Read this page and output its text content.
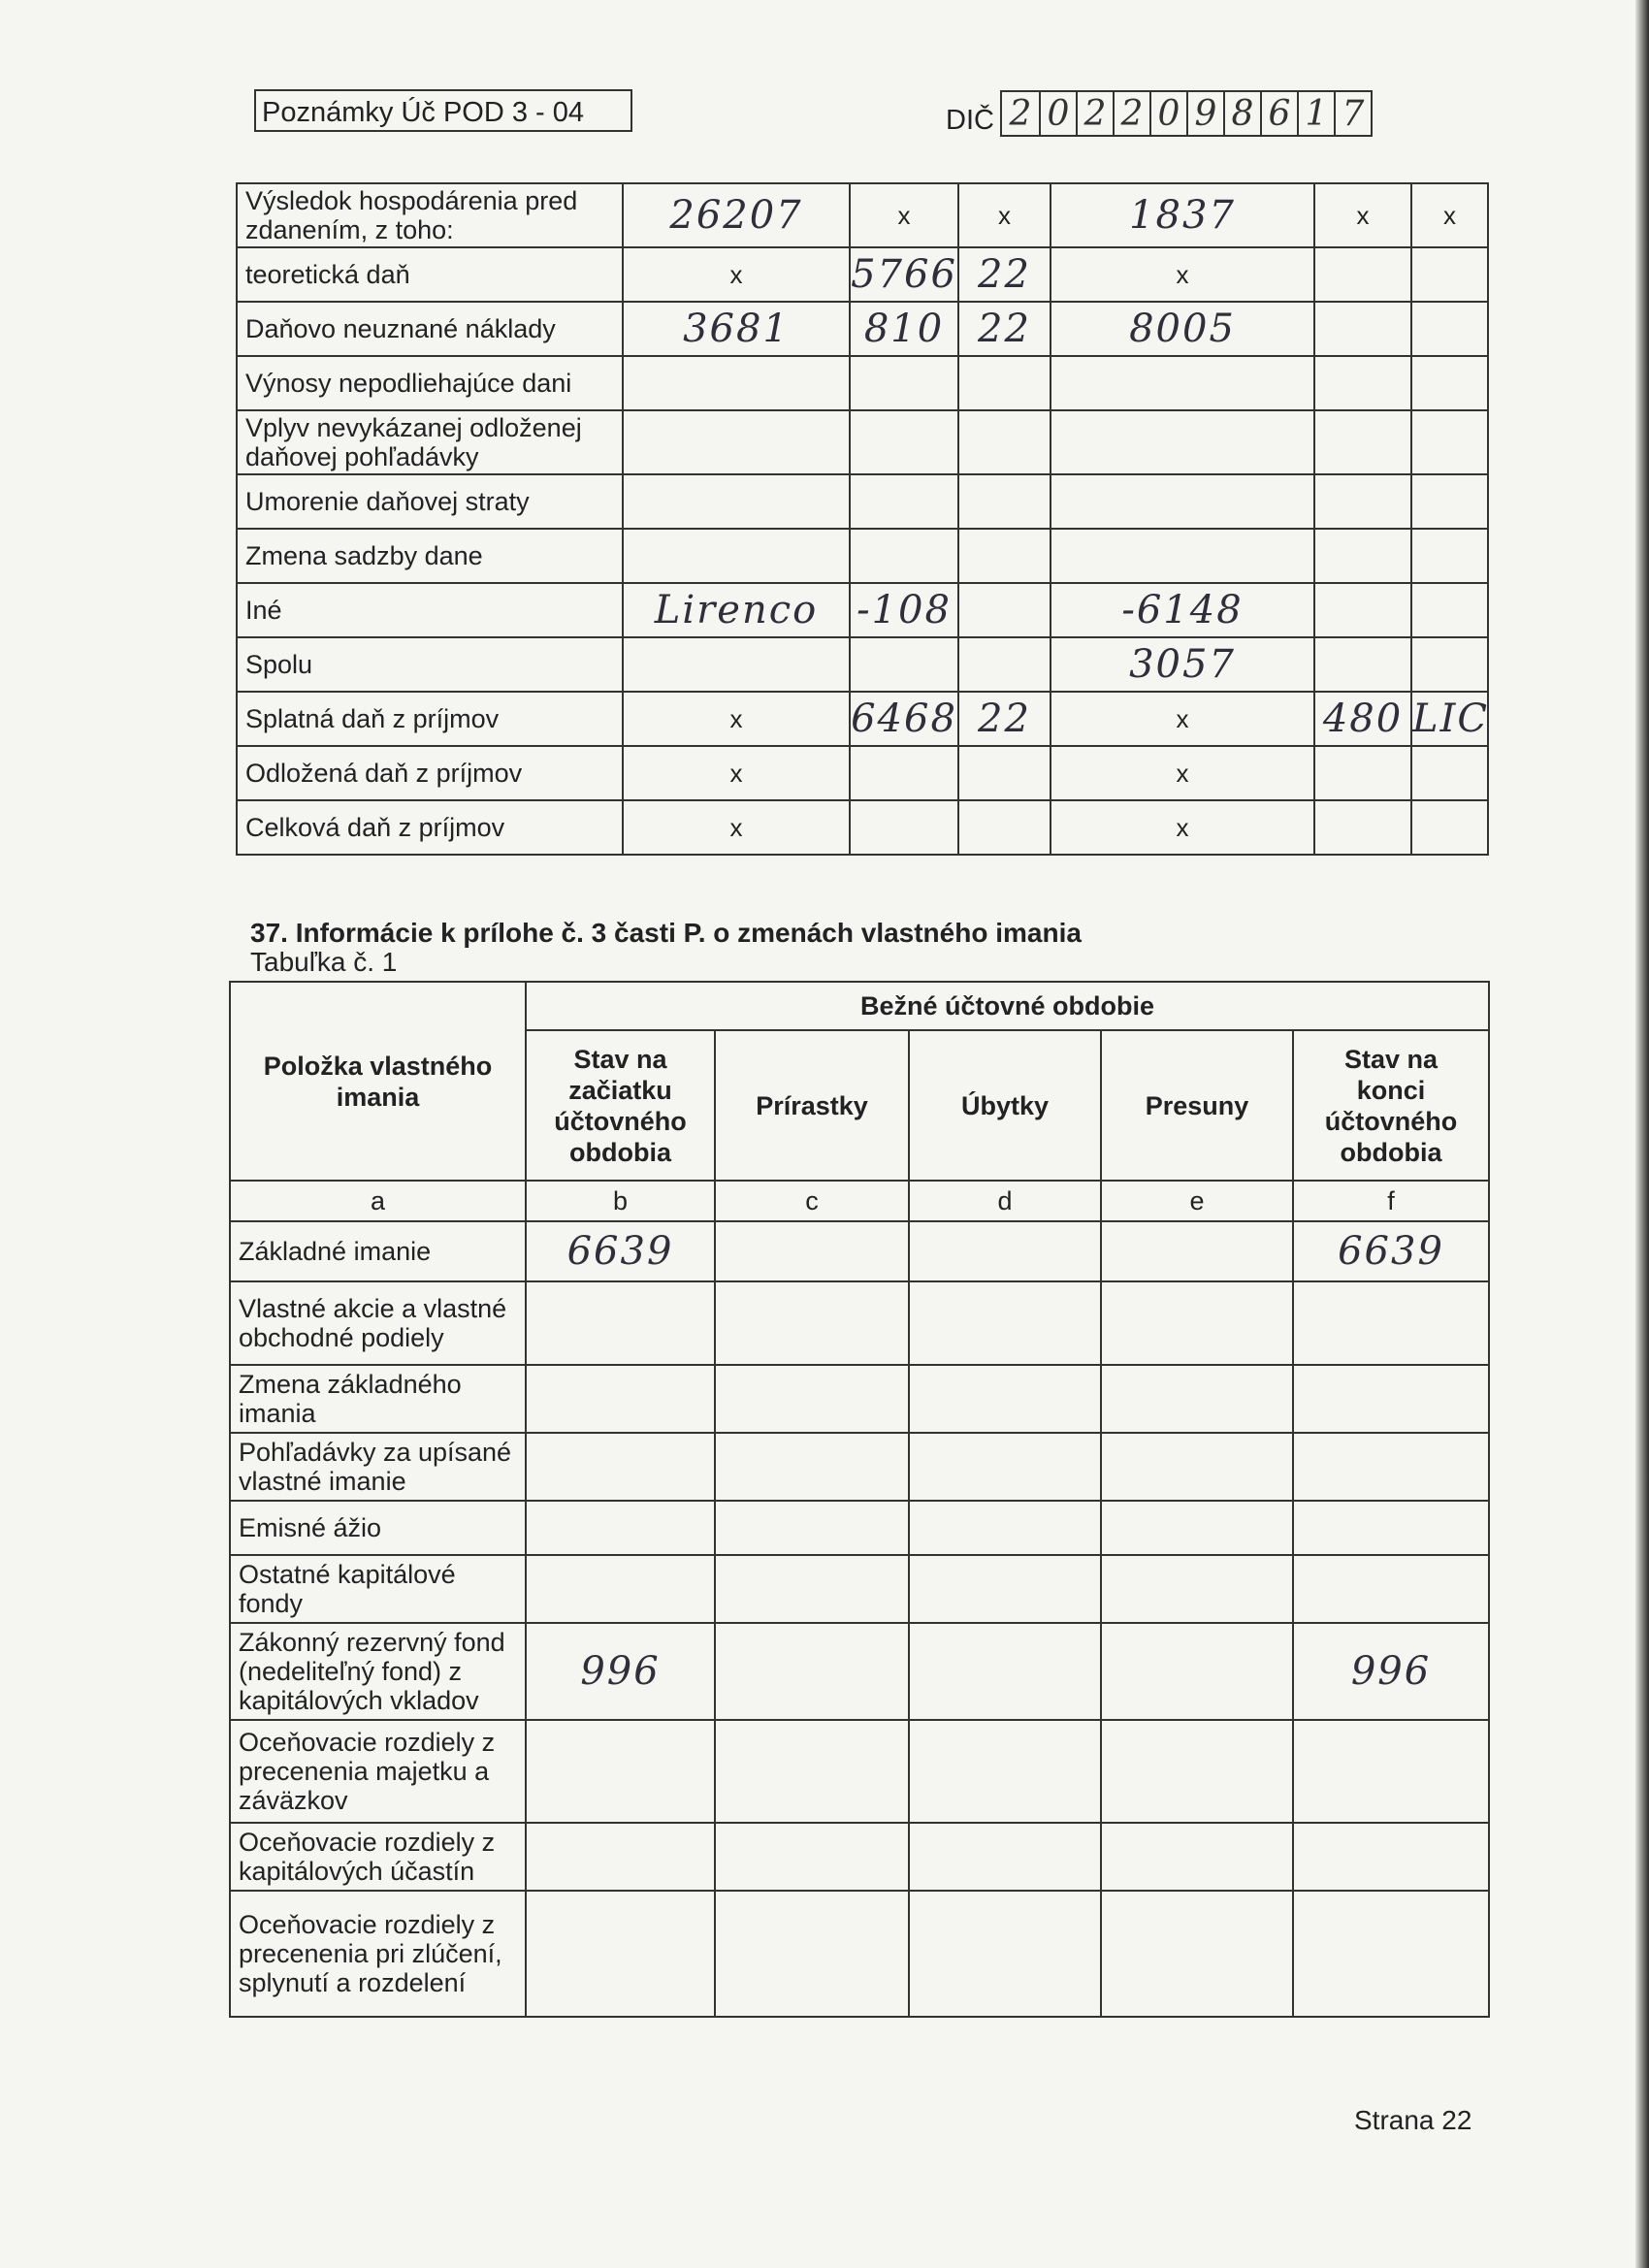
Poznámky Úč POD 3 - 04	DIČ 2 0 2 2 0 9 8 6 1 7
Výsledok hospodárenia pred zdanením, z toho:	26207	x	x	1837	x	x
teoretická daň	x	5766	22	x		
Daňovo neuznané náklady	3681	810	22	8005		
Výnosy nepodliehajúce dani						
Vplyv nevykázanej odloženej daňovej pohľadávky						
Umorenie daňovej straty						
Zmena sadzby dane						
Iné	Lirenco	-108		-6148		
Spolu				3057		
Splatná daň z príjmov	x	6468	22	x	480	LIC
Odložená daň z príjmov	x			x		
Celková daň z príjmov	x			x		
37. Informácie k prílohe č. 3 časti P. o zmenách vlastného imania
Tabuľka č. 1
Položka vlastného imania	Bežné účtovné obdobie				
	Stav na začiatku účtovného obdobia	Prírastky	Úbytky	Presuny	Stav na konci účtovného obdobia
a	b	c	d	e	f
Základné imanie	6639				6639
Vlastné akcie a vlastné obchodné podiely					
Zmena základného imania					
Pohľadávky za upísané vlastné imanie					
Emisné ážio					
Ostatné kapitálové fondy					
Zákonný rezervný fond (nedeliteľný fond) z kapitálových vkladov	996				996
Oceňovacie rozdiely z precenenia majetku a záväzkov					
Oceňovacie rozdiely z kapitálových účastín					
Oceňovacie rozdiely z precenenia pri zlúčení, splynutí a rozdelení					
Strana 22
